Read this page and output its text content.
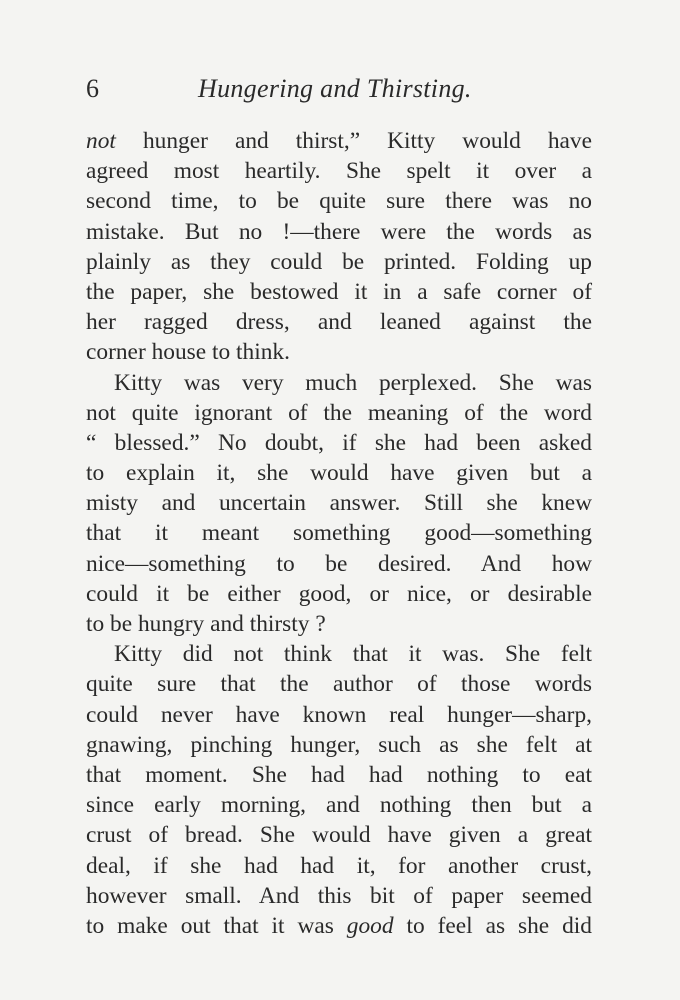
6	Hungering and Thirsting.
not hunger and thirst,” Kitty would have
agreed most heartily. She spelt it over a
second time, to be quite sure there was no
mistake. But no !—there were the words as
plainly as they could be printed. Folding up
the paper, she bestowed it in a safe corner of
her ragged dress, and leaned against the
corner house to think.
Kitty was very much perplexed. She was
not quite ignorant of the meaning of the word
“ blessed.” No doubt, if she had been asked
to explain it, she would have given but a
misty and uncertain answer. Still she knew
that it meant something good—something
nice—something to be desired. And how
could it be either good, or nice, or desirable
to be hungry and thirsty ?
Kitty did not think that it was. She felt
quite sure that the author of those words
could never have known real hunger—sharp,
gnawing, pinching hunger, such as she felt at
that moment. She had had nothing to eat
since early morning, and nothing then but a
crust of bread. She would have given a great
deal, if she had had it, for another crust,
however small. And this bit of paper seemed
to make out that it was good to feel as she did
